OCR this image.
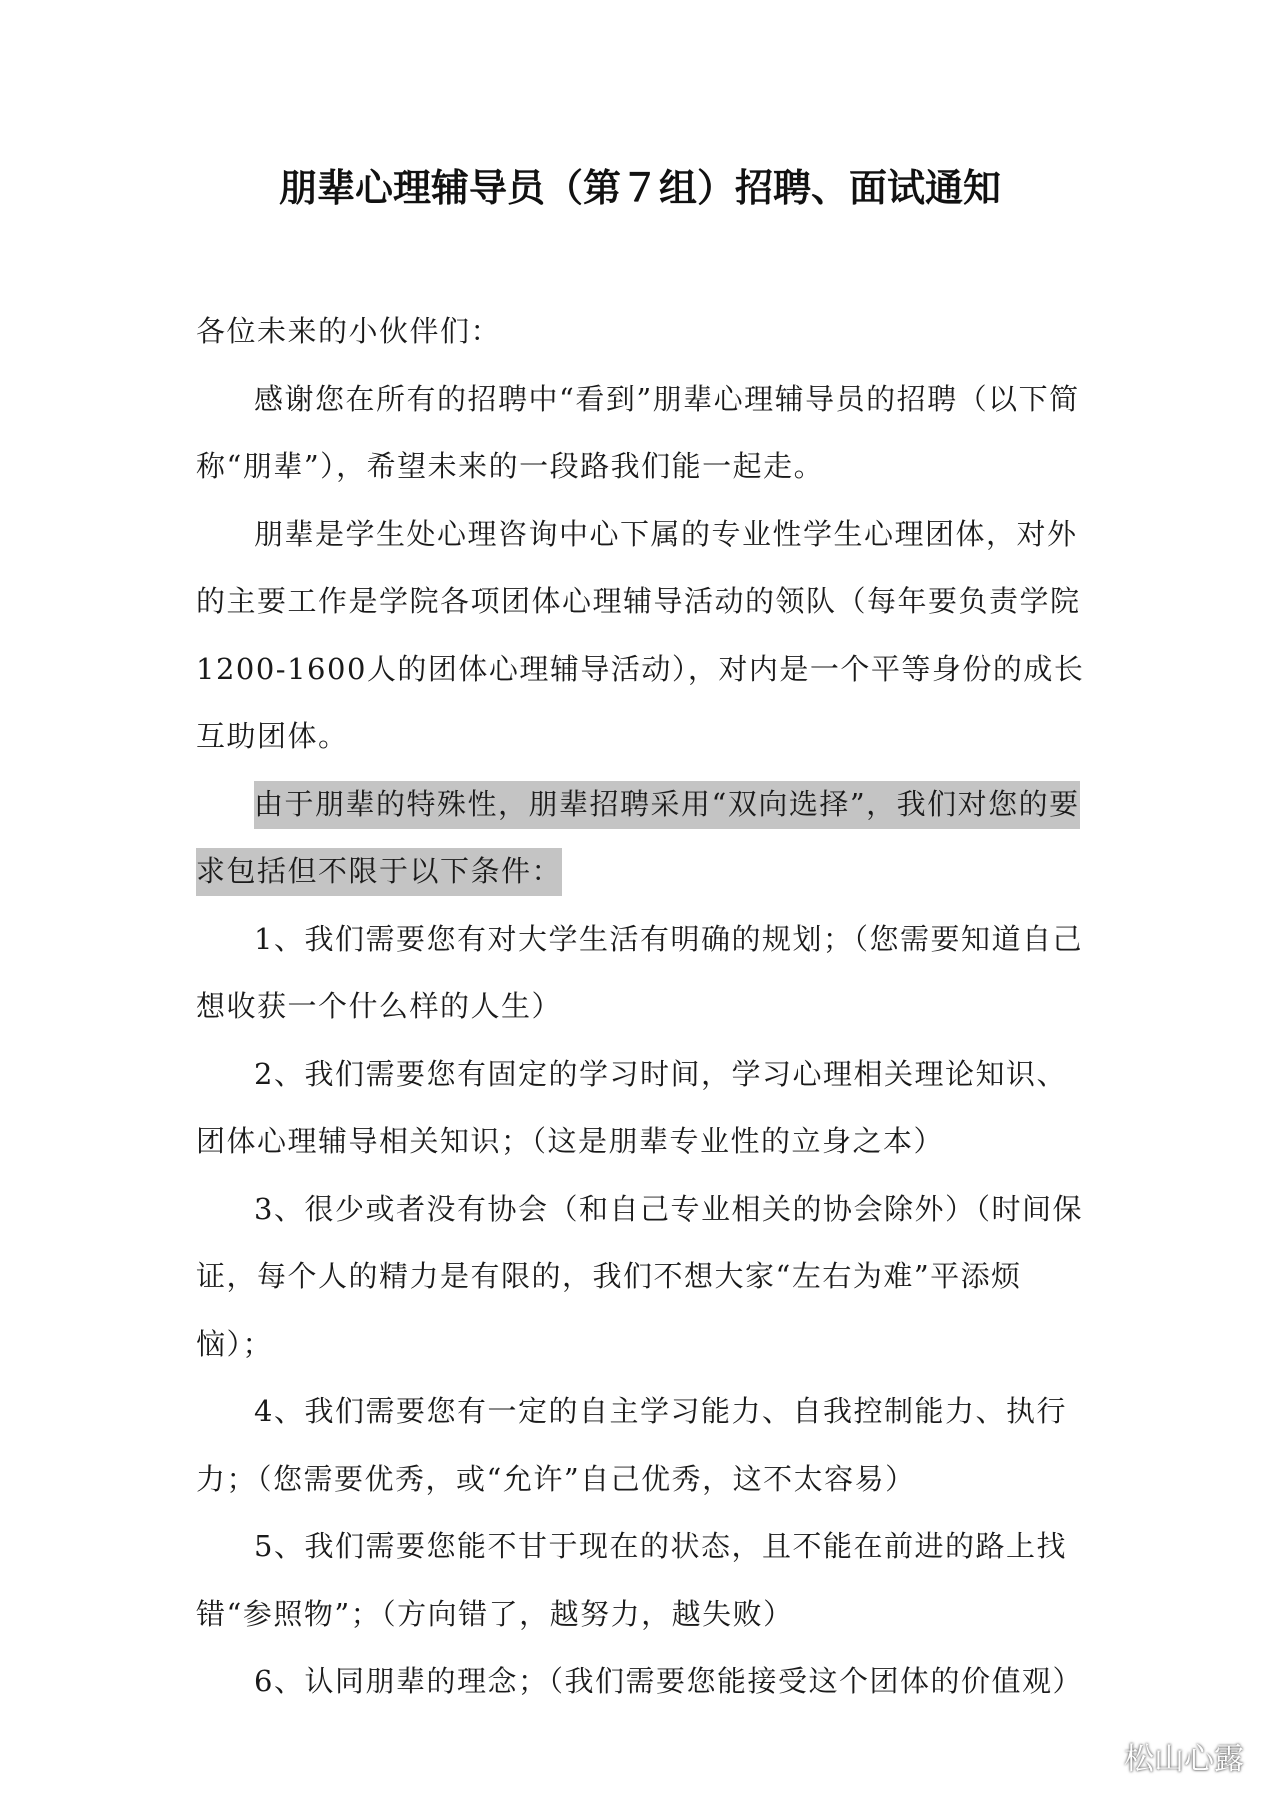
朋辈心理辅导员（第７组）招聘、面试通知

各位未来的小伙伴们：

感谢您在所有的招聘中“看到”朋辈心理辅导员的招聘（以下简称“朋辈”），希望未来的一段路我们能一起走。

朋辈是学生处心理咨询中心下属的专业性学生心理团体，对外的主要工作是学院各项团体心理辅导活动的领队（每年要负责学院1200-1600人的团体心理辅导活动），对内是一个平等身份的成长互助团体。

由于朋辈的特殊性，朋辈招聘采用“双向选择”，我们对您的要求包括但不限于以下条件：

1、我们需要您有对大学生活有明确的规划；（您需要知道自己想收获一个什么样的人生）

2、我们需要您有固定的学习时间，学习心理相关理论知识、团体心理辅导相关知识；（这是朋辈专业性的立身之本）

3、很少或者没有协会（和自己专业相关的协会除外）（时间保证，每个人的精力是有限的，我们不想大家“左右为难”平添烦恼）；

4、我们需要您有一定的自主学习能力、自我控制能力、执行力；（您需要优秀，或“允许”自己优秀，这不太容易）

5、我们需要您能不甘于现在的状态，且不能在前进的路上找错“参照物”；（方向错了，越努力，越失败）

6、认同朋辈的理念；（我们需要您能接受这个团体的价值观）

松山心露
